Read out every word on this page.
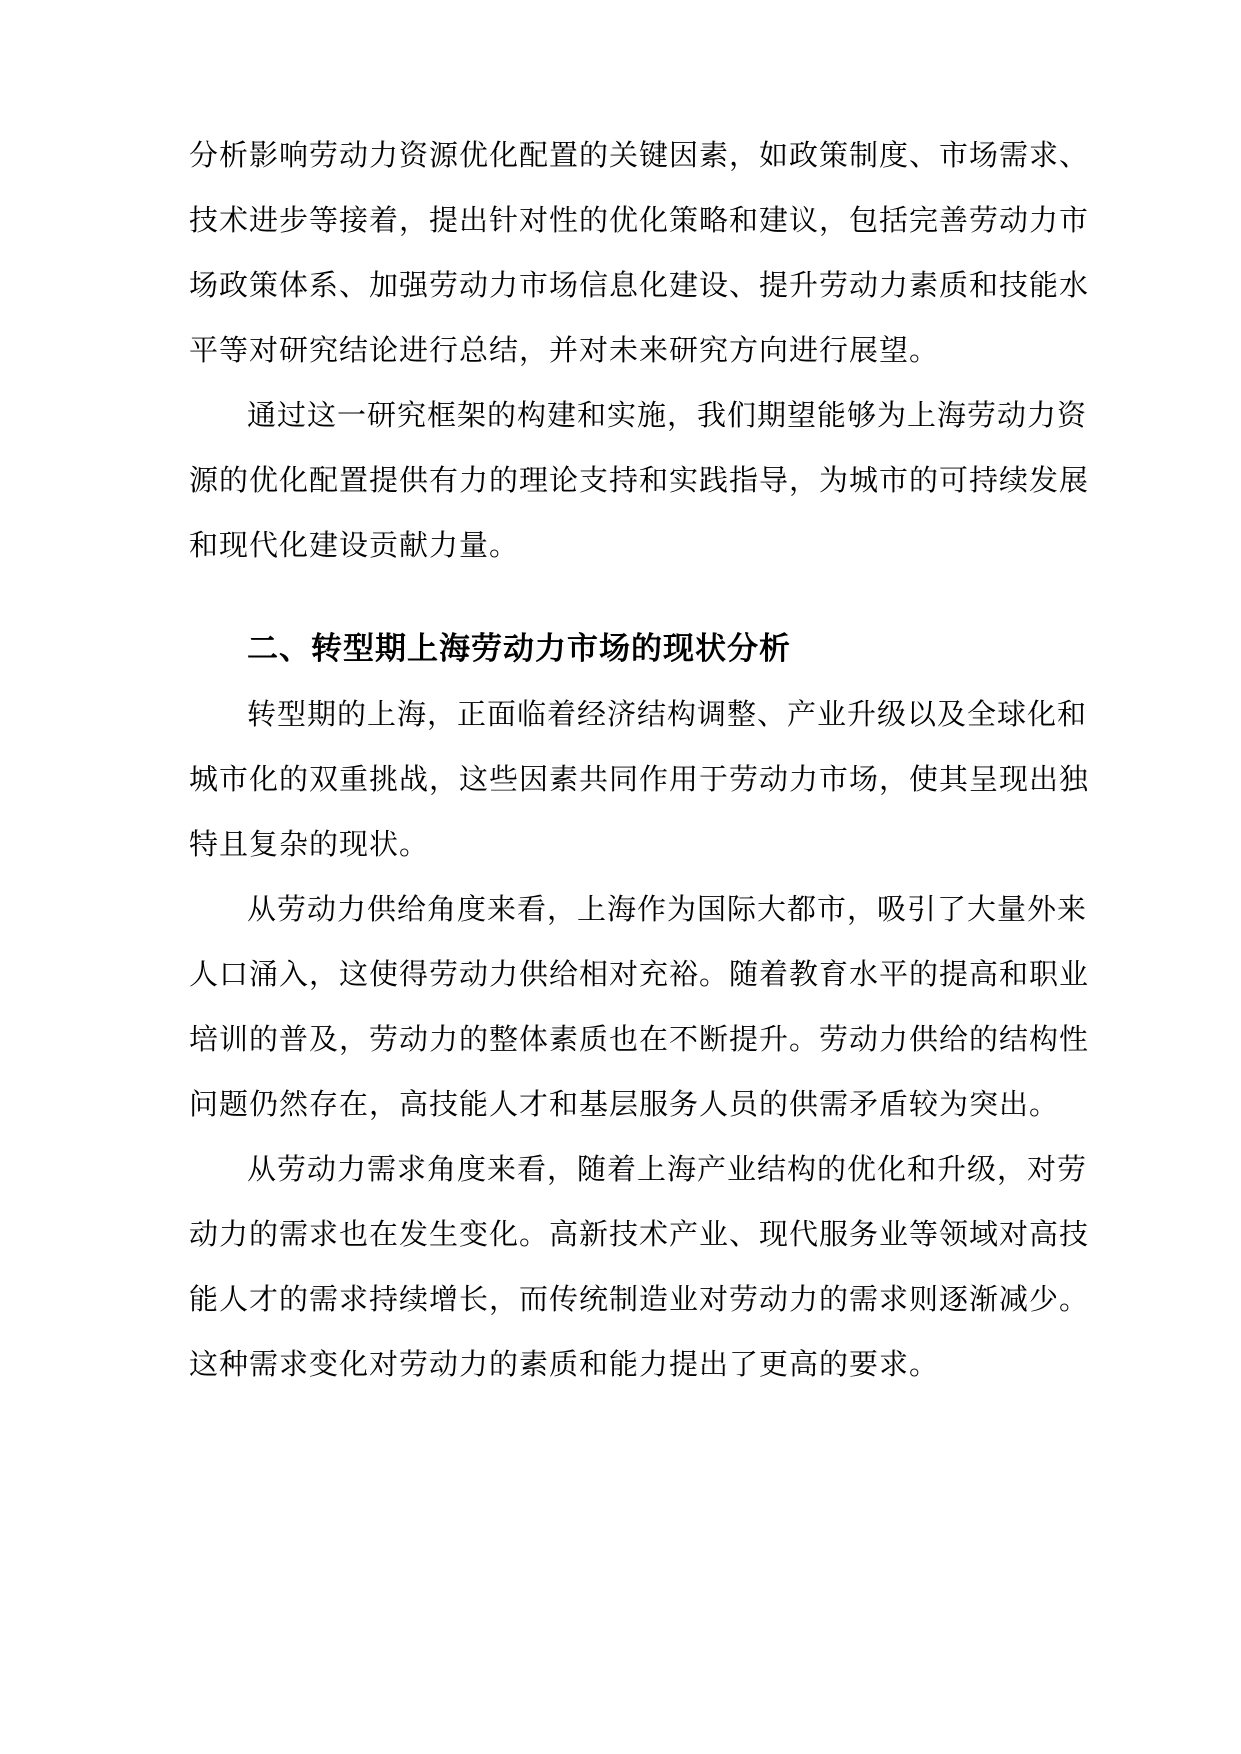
分析影响劳动力资源优化配置的关键因素，如政策制度、市场需求、
技术进步等接着，提出针对性的优化策略和建议，包括完善劳动力市
场政策体系、加强劳动力市场信息化建设、提升劳动力素质和技能水
平等对研究结论进行总结，并对未来研究方向进行展望。
通过这一研究框架的构建和实施，我们期望能够为上海劳动力资
源的优化配置提供有力的理论支持和实践指导，为城市的可持续发展
和现代化建设贡献力量。
二、转型期上海劳动力市场的现状分析
转型期的上海，正面临着经济结构调整、产业升级以及全球化和
城市化的双重挑战，这些因素共同作用于劳动力市场，使其呈现出独
特且复杂的现状。
从劳动力供给角度来看，上海作为国际大都市，吸引了大量外来
人口涌入，这使得劳动力供给相对充裕。随着教育水平的提高和职业
培训的普及，劳动力的整体素质也在不断提升。劳动力供给的结构性
问题仍然存在，高技能人才和基层服务人员的供需矛盾较为突出。
从劳动力需求角度来看，随着上海产业结构的优化和升级，对劳
动力的需求也在发生变化。高新技术产业、现代服务业等领域对高技
能人才的需求持续增长，而传统制造业对劳动力的需求则逐渐减少。
这种需求变化对劳动力的素质和能力提出了更高的要求。
